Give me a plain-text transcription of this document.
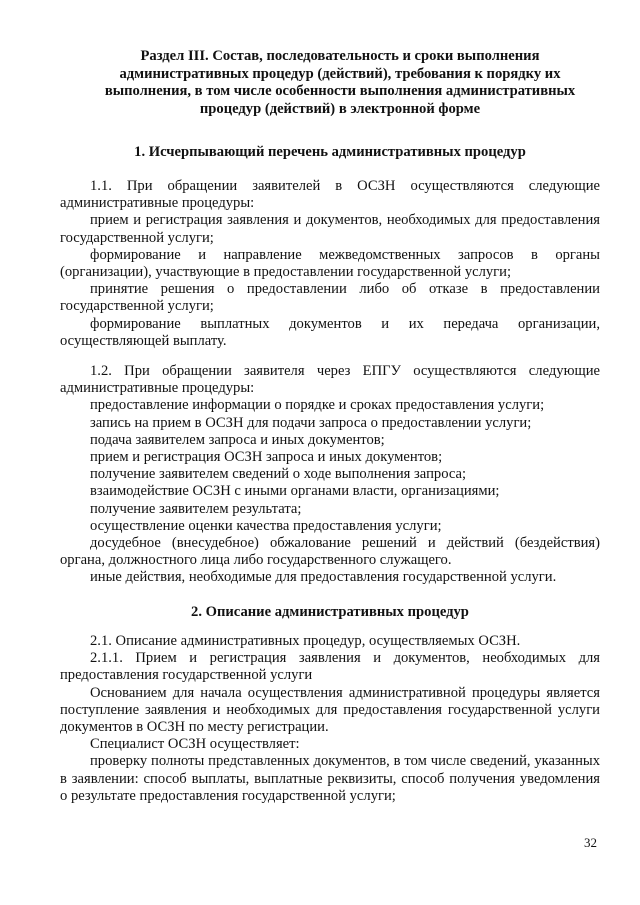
Раздел III. Состав, последовательность и сроки выполнения административных процедур (действий), требования к порядку их выполнения, в том числе особенности выполнения административных процедур (действий) в электронной форме
1. Исчерпывающий перечень административных процедур

1.1. При обращении заявителей в ОСЗН осуществляются следующие административные процедуры:

прием и регистрация заявления и документов, необходимых для предоставления государственной услуги;

формирование и направление межведомственных запросов в органы (организации), участвующие в предоставлении государственной услуги;

принятие решения о предоставлении либо об отказе в предоставлении государственной услуги;

формирование выплатных документов и их передача организации, осуществляющей выплату.

1.2. При обращении заявителя через ЕПГУ осуществляются следующие административные процедуры:

предоставление информации о порядке и сроках предоставления услуги;

запись на прием в ОСЗН для подачи запроса о предоставлении услуги;

подача заявителем запроса и иных документов;

прием и регистрация ОСЗН запроса и иных документов;

получение заявителем сведений о ходе выполнения запроса;

взаимодействие ОСЗН с иными органами власти, организациями;

получение заявителем результата;

осуществление оценки качества предоставления услуги;

досудебное (внесудебное) обжалование решений и действий (бездействия) органа, должностного лица либо государственного служащего.

иные действия, необходимые для предоставления государственной услуги.

2. Описание административных процедур

2.1. Описание административных процедур, осуществляемых ОСЗН.

2.1.1. Прием и регистрация заявления и документов, необходимых для предоставления государственной услуги

Основанием для начала осуществления административной процедуры является поступление заявления и необходимых для предоставления государственной услуги документов в ОСЗН по месту регистрации.

Специалист ОСЗН осуществляет:

проверку полноты представленных документов, в том числе сведений, указанных в заявлении: способ выплаты, выплатные реквизиты, способ получения уведомления о результате предоставления государственной услуги;

32
